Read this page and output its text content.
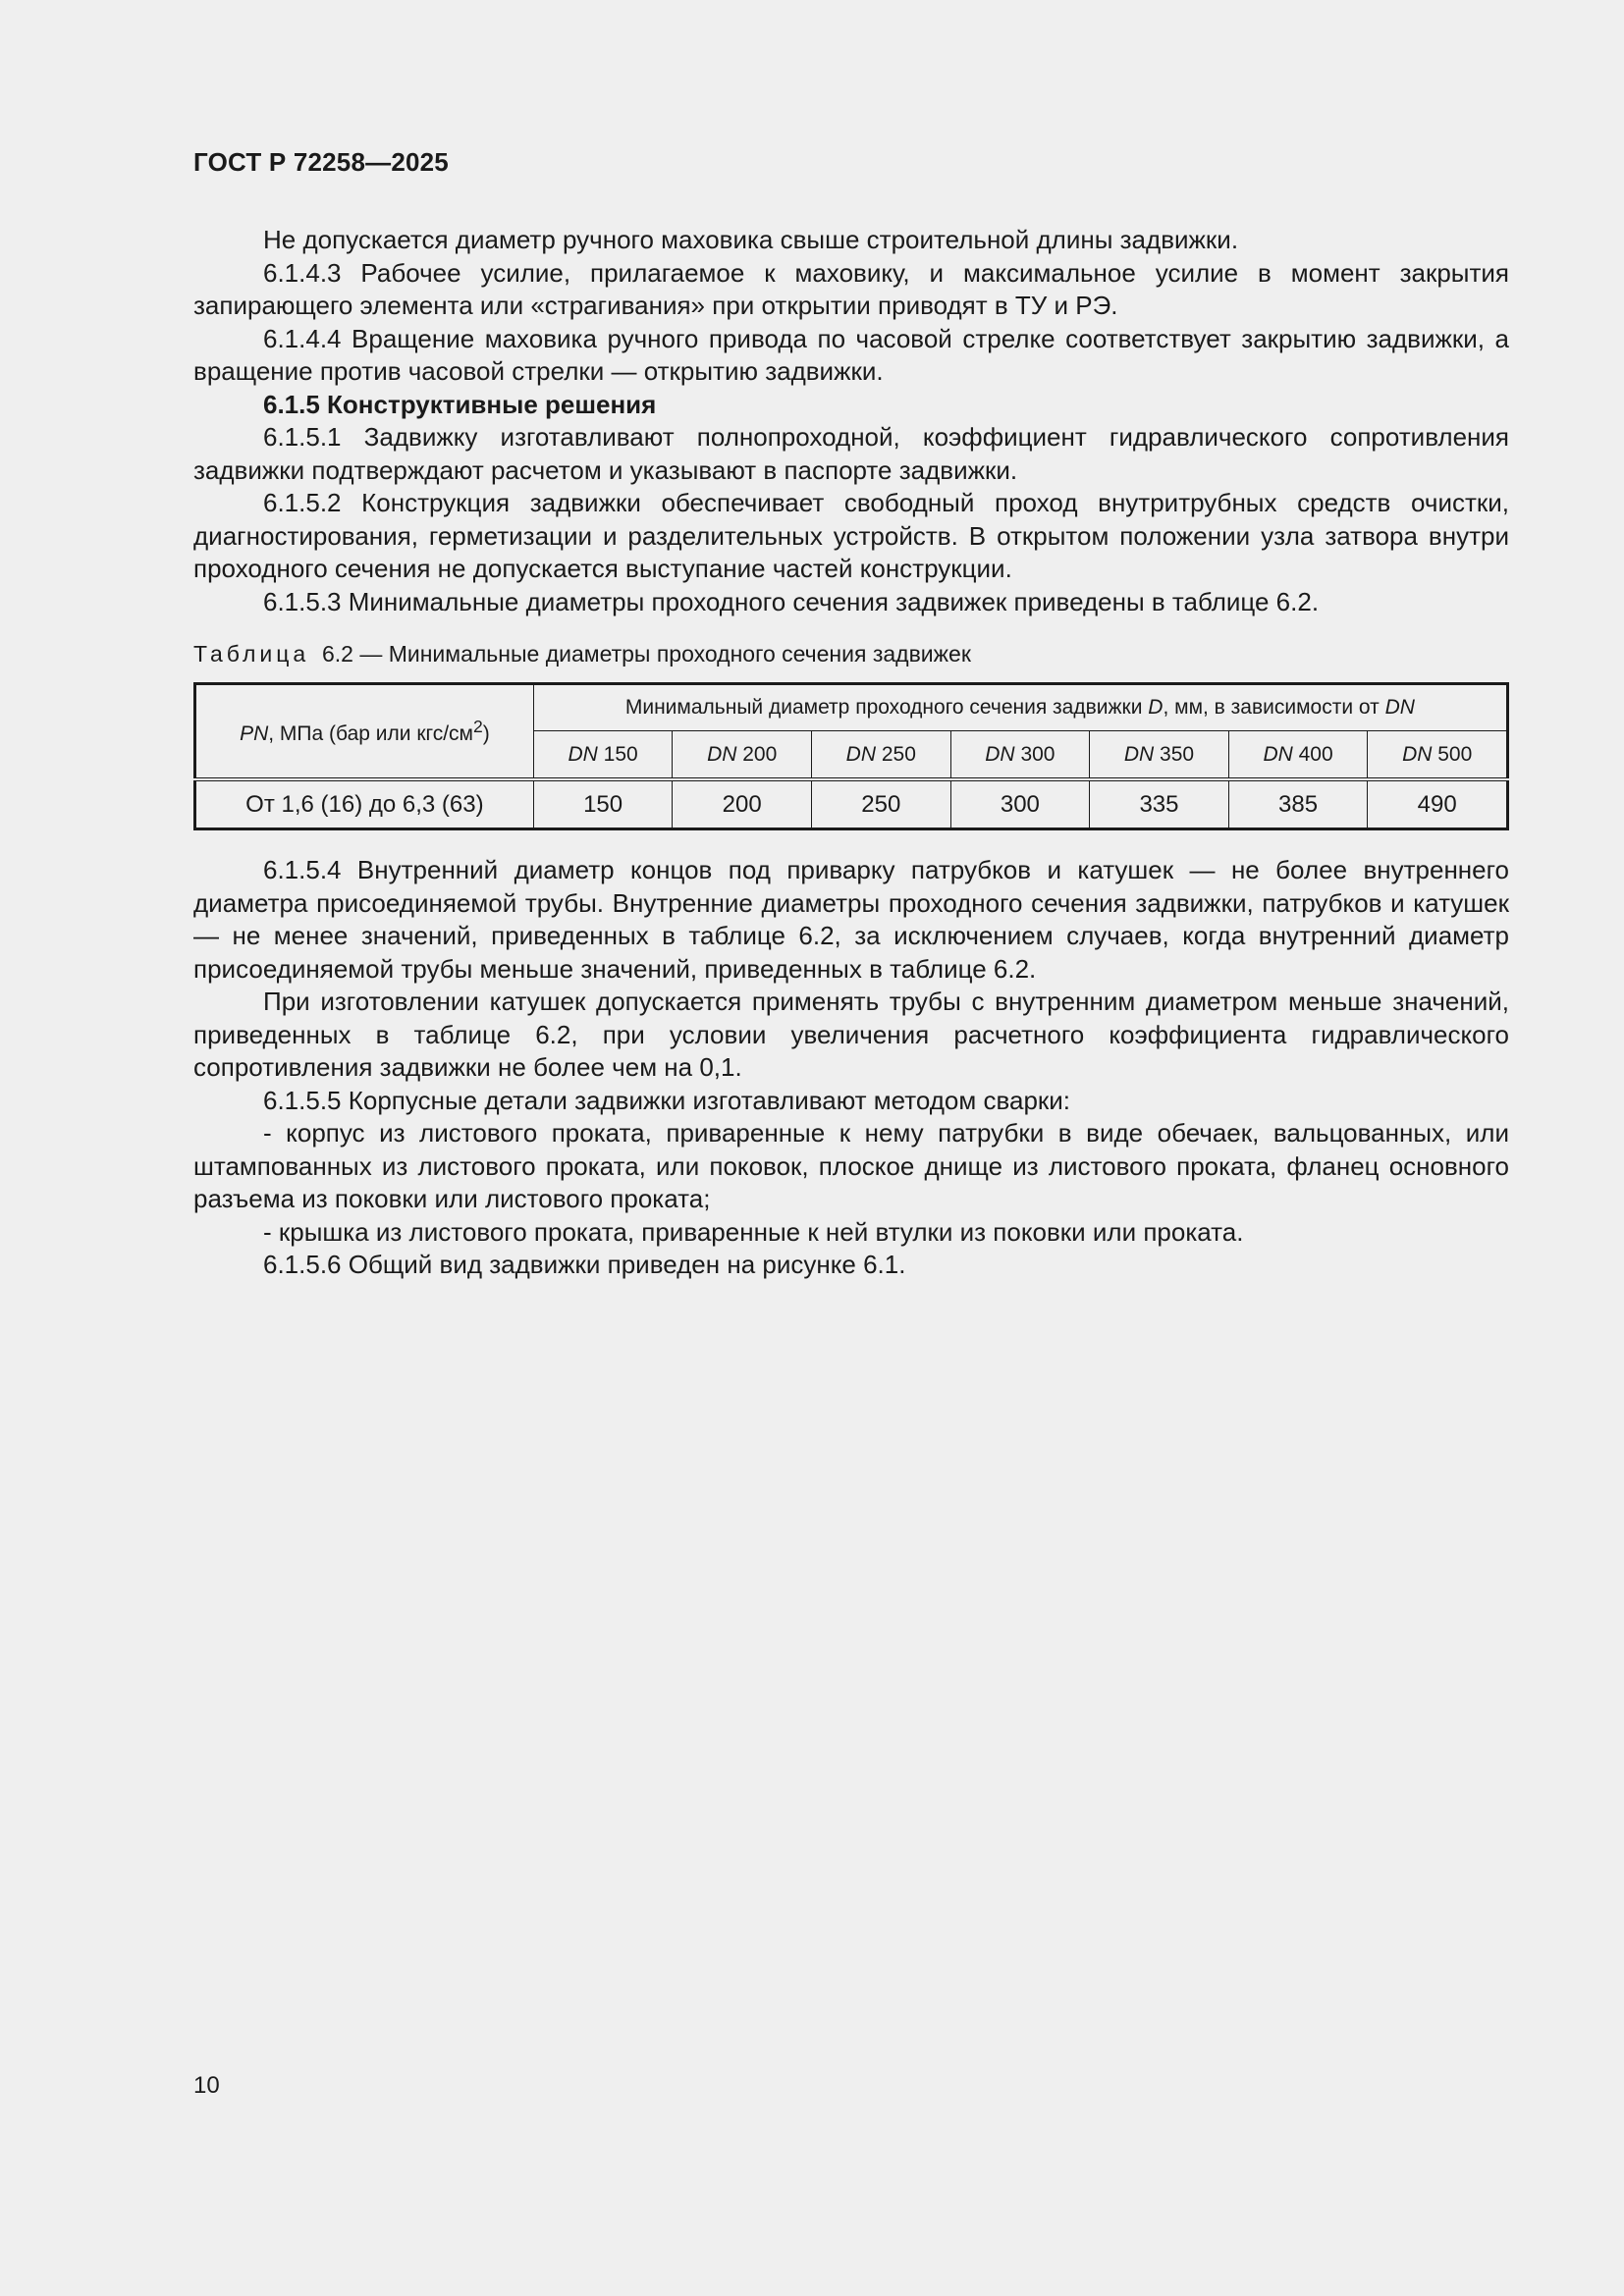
ГОСТ Р 72258—2025
Не допускается диаметр ручного маховика свыше строительной длины задвижки.
6.1.4.3 Рабочее усилие, прилагаемое к маховику, и максимальное усилие в момент закрытия запирающего элемента или «страгивания» при открытии приводят в ТУ и РЭ.
6.1.4.4 Вращение маховика ручного привода по часовой стрелке соответствует закрытию задвижки, а вращение против часовой стрелки — открытию задвижки.
6.1.5 Конструктивные решения
6.1.5.1 Задвижку изготавливают полнопроходной, коэффициент гидравлического сопротивления задвижки подтверждают расчетом и указывают в паспорте задвижки.
6.1.5.2 Конструкция задвижки обеспечивает свободный проход внутритрубных средств очистки, диагностирования, герметизации и разделительных устройств. В открытом положении узла затвора внутри проходного сечения не допускается выступание частей конструкции.
6.1.5.3 Минимальные диаметры проходного сечения задвижек приведены в таблице 6.2.
Таблица 6.2 — Минимальные диаметры проходного сечения задвижек
PN, МПа (бар или кгс/$см^2$)	Минимальный диаметр проходного сечения задвижки D, мм, в зависимости от DN						
	DN 150	DN 200	DN 250	DN 300	DN 350	DN 400	DN 500
От 1,6 (16) до 6,3 (63)	150	200	250	300	335	385	490
6.1.5.4 Внутренний диаметр концов под приварку патрубков и катушек — не более внутреннего диаметра присоединяемой трубы. Внутренние диаметры проходного сечения задвижки, патрубков и катушек — не менее значений, приведенных в таблице 6.2, за исключением случаев, когда внутренний диаметр присоединяемой трубы меньше значений, приведенных в таблице 6.2.
При изготовлении катушек допускается применять трубы с внутренним диаметром меньше значений, приведенных в таблице 6.2, при условии увеличения расчетного коэффициента гидравлического сопротивления задвижки не более чем на 0,1.
6.1.5.5 Корпусные детали задвижки изготавливают методом сварки:
- корпус из листового проката, приваренные к нему патрубки в виде обечаек, вальцованных, или штампованных из листового проката, или поковок, плоское днище из листового проката, фланец основного разъема из поковки или листового проката;
- крышка из листового проката, приваренные к ней втулки из поковки или проката.
6.1.5.6 Общий вид задвижки приведен на рисунке 6.1.
10
